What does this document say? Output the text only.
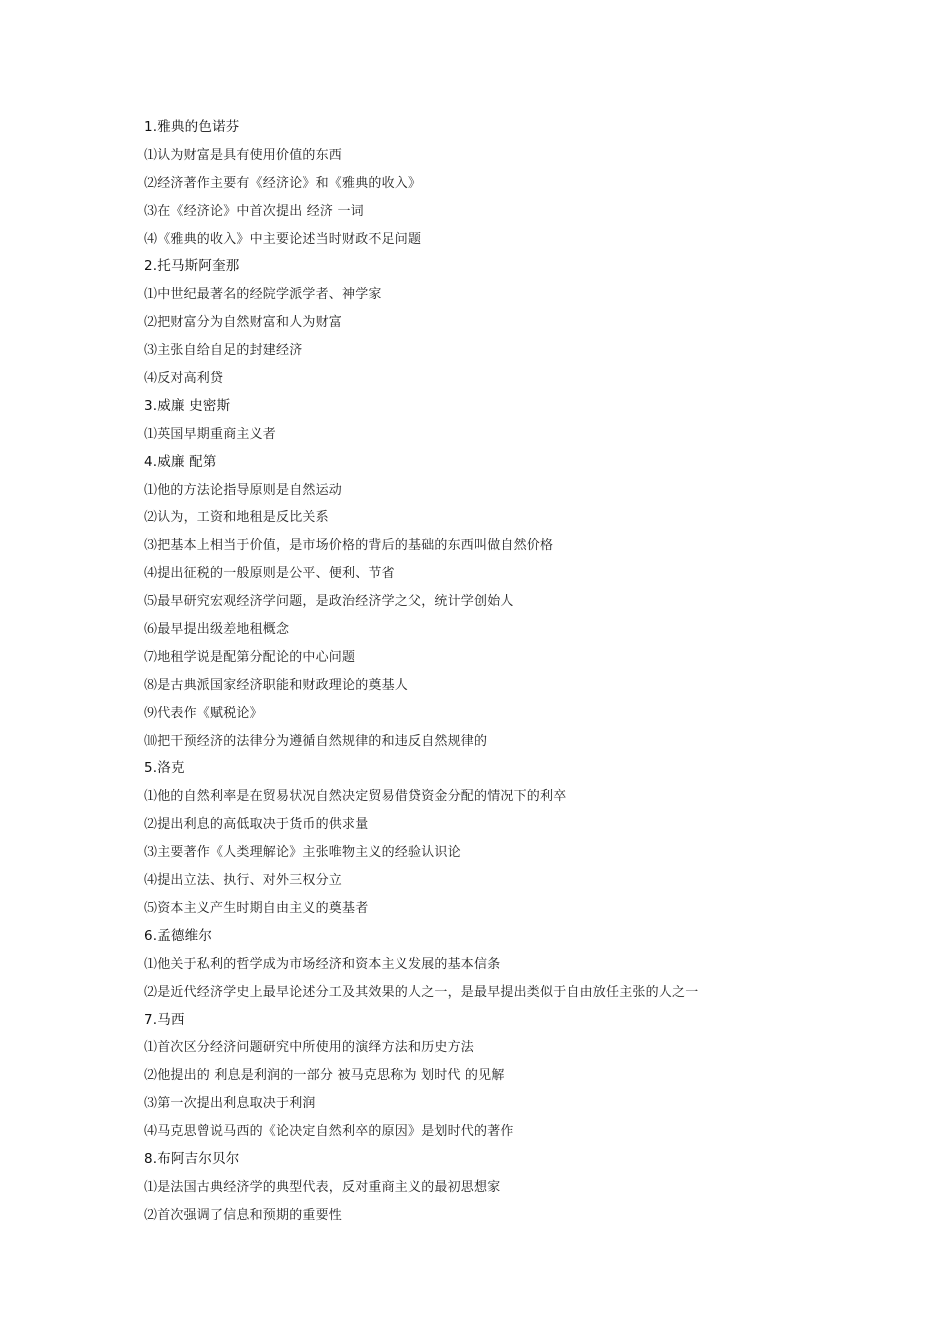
1.雅典的色诺芬
⑴认为财富是具有使用价值的东西
⑵经济著作主要有《经济论》和《雅典的收入》
⑶在《经济论》中首次提出 经济 一词
⑷《雅典的收入》中主要论述当时财政不足问题
2.托马斯阿奎那
⑴中世纪最著名的经院学派学者、神学家
⑵把财富分为自然财富和人为财富
⑶主张自给自足的封建经济
⑷反对高利贷
3.威廉 史密斯
⑴英国早期重商主义者
4.威廉 配第
⑴他的方法论指导原则是自然运动
⑵认为，工资和地租是反比关系
⑶把基本上相当于价值，是市场价格的背后的基础的东西叫做自然价格
⑷提出征税的一般原则是公平、便利、节省
⑸最早研究宏观经济学问题，是政治经济学之父，统计学创始人
⑹最早提出级差地租概念
⑺地租学说是配第分配论的中心问题
⑻是古典派国家经济职能和财政理论的奠基人
⑼代表作《赋税论》
⑽把干预经济的法律分为遵循自然规律的和违反自然规律的
5.洛克
⑴他的自然利率是在贸易状况自然决定贸易借贷资金分配的情况下的利卒
⑵提出利息的高低取决于货币的供求量
⑶主要著作《人类理解论》主张唯物主义的经验认识论
⑷提出立法、执行、对外三权分立
⑸资本主义产生时期自由主义的奠基者
6.孟德维尔
⑴他关于私利的哲学成为市场经济和资本主义发展的基本信条
⑵是近代经济学史上最早论述分工及其效果的人之一，是最早提出类似于自由放任主张的人之一
7.马西
⑴首次区分经济问题研究中所使用的演绎方法和历史方法
⑵他提出的 利息是利润的一部分 被马克思称为 划时代 的见解
⑶第一次提出利息取决于利润
⑷马克思曾说马西的《论决定自然利卒的原因》是划时代的著作
8.布阿吉尔贝尔
⑴是法国古典经济学的典型代表，反对重商主义的最初思想家
⑵首次强调了信息和预期的重要性
